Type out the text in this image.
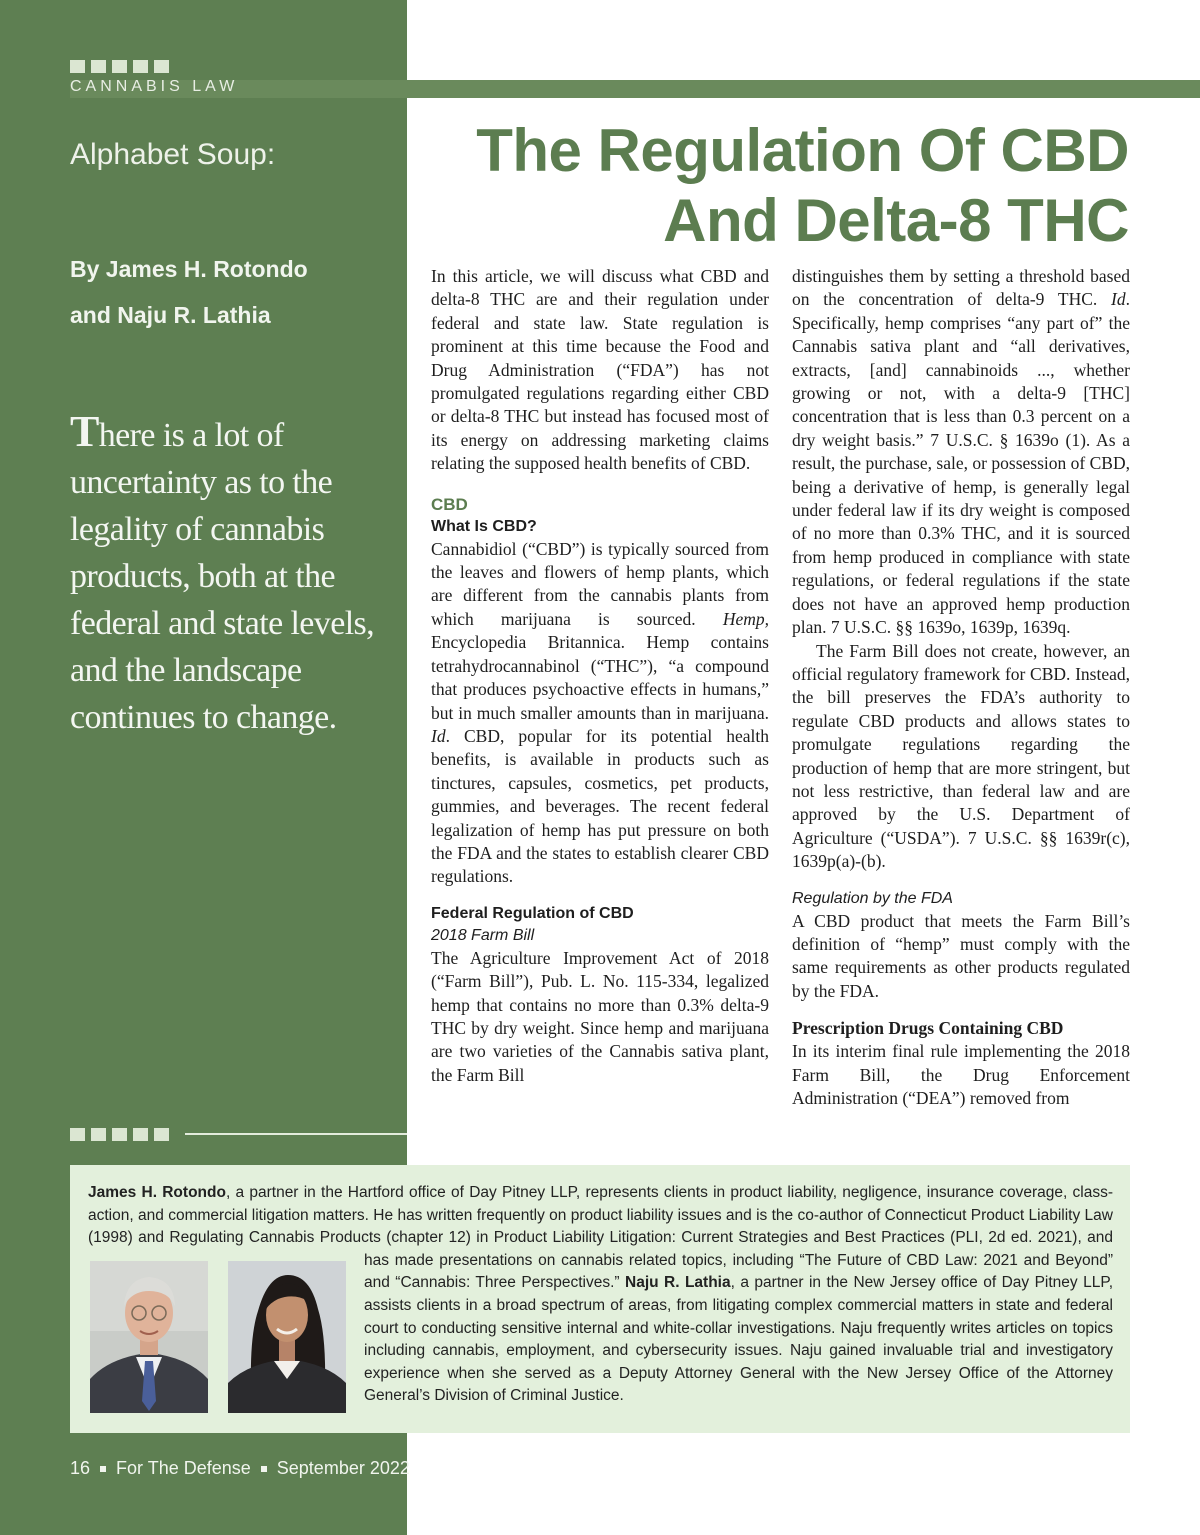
CANNABIS LAW
Alphabet Soup:
By James H. Rotondo
and Naju R. Lathia
There is a lot of uncertainty as to the legality of cannabis products, both at the federal and state levels, and the landscape continues to change.
The Regulation Of CBD
And Delta-8 THC

In this article, we will discuss what CBD and delta-8 THC are and their regulation under federal and state law. State regulation is prominent at this time because the Food and Drug Administration (“FDA”) has not promulgated regulations regarding either CBD or delta-8 THC but instead has focused most of its energy on addressing marketing claims relating the supposed health benefits of CBD.

CBD
What Is CBD?

Cannabidiol (“CBD”) is typically sourced from the leaves and flowers of hemp plants, which are different from the cannabis plants from which marijuana is sourced. Hemp, Encyclopedia Britannica. Hemp contains tetrahydrocannabinol (“THC”), “a compound that produces psychoactive effects in humans,” but in much smaller amounts than in marijuana. Id. CBD, popular for its potential health benefits, is available in products such as tinctures, capsules, cosmetics, pet products, gummies, and beverages. The recent federal legalization of hemp has put pressure on both the FDA and the states to establish clearer CBD regulations.

Federal Regulation of CBD
2018 Farm Bill

The Agriculture Improvement Act of 2018 (“Farm Bill”), Pub. L. No. 115-334, legalized hemp that contains no more than 0.3% delta-9 THC by dry weight. Since hemp and marijuana are two varieties of the Cannabis sativa plant, the Farm Bill

distinguishes them by setting a threshold based on the concentration of delta-9 THC. Id. Specifically, hemp comprises “any part of” the Cannabis sativa plant and “all derivatives, extracts, [and] cannabinoids ..., whether growing or not, with a delta-9 [THC] concentration that is less than 0.3 percent on a dry weight basis.” 7 U.S.C. § 1639o (1). As a result, the purchase, sale, or possession of CBD, being a derivative of hemp, is generally legal under federal law if its dry weight is composed of no more than 0.3% THC, and it is sourced from hemp produced in compliance with state regulations, or federal regulations if the state does not have an approved hemp production plan. 7 U.S.C. §§ 1639o, 1639p, 1639q.

The Farm Bill does not create, however, an official regulatory framework for CBD. Instead, the bill preserves the FDA’s authority to regulate CBD products and allows states to promulgate regulations regarding the production of hemp that are more stringent, but not less restrictive, than federal law and are approved by the U.S. Department of Agriculture (“USDA”). 7 U.S.C. §§ 1639r(c), 1639p(a)-(b).

Regulation by the FDA

A CBD product that meets the Farm Bill’s definition of “hemp” must comply with the same requirements as other products regulated by the FDA.

Prescription Drugs Containing CBD

In its interim final rule implementing the 2018 Farm Bill, the Drug Enforcement Administration (“DEA”) removed from

James H. Rotondo, a partner in the Hartford office of Day Pitney LLP, represents clients in product liability, negligence, insurance coverage, class-action, and commercial litigation matters. He has written frequently on product liability issues and is the co-author of Connecticut Product Liability Law (1998) and Regulating Cannabis Products (chapter 12) in Product Liability Litigation: Current Strategies and Best Practices (PLI, 2d ed. 2021),
and has made presentations on cannabis related topics, including “The Future of CBD Law: 2021 and Beyond” and “Cannabis: Three Perspectives.” Naju R. Lathia, a partner in the New Jersey office of Day Pitney LLP, assists clients in a broad spectrum of areas, from litigating complex commercial matters in state and federal court to conducting sensitive internal and white-collar investigations. Naju frequently writes articles on topics including cannabis, employment, and cybersecurity issues. Naju gained invaluable trial and investigatory experience when she served as a Deputy Attorney General with the New Jersey Office of the Attorney General’s Division of Criminal Justice.
16 For The Defense September 2022
